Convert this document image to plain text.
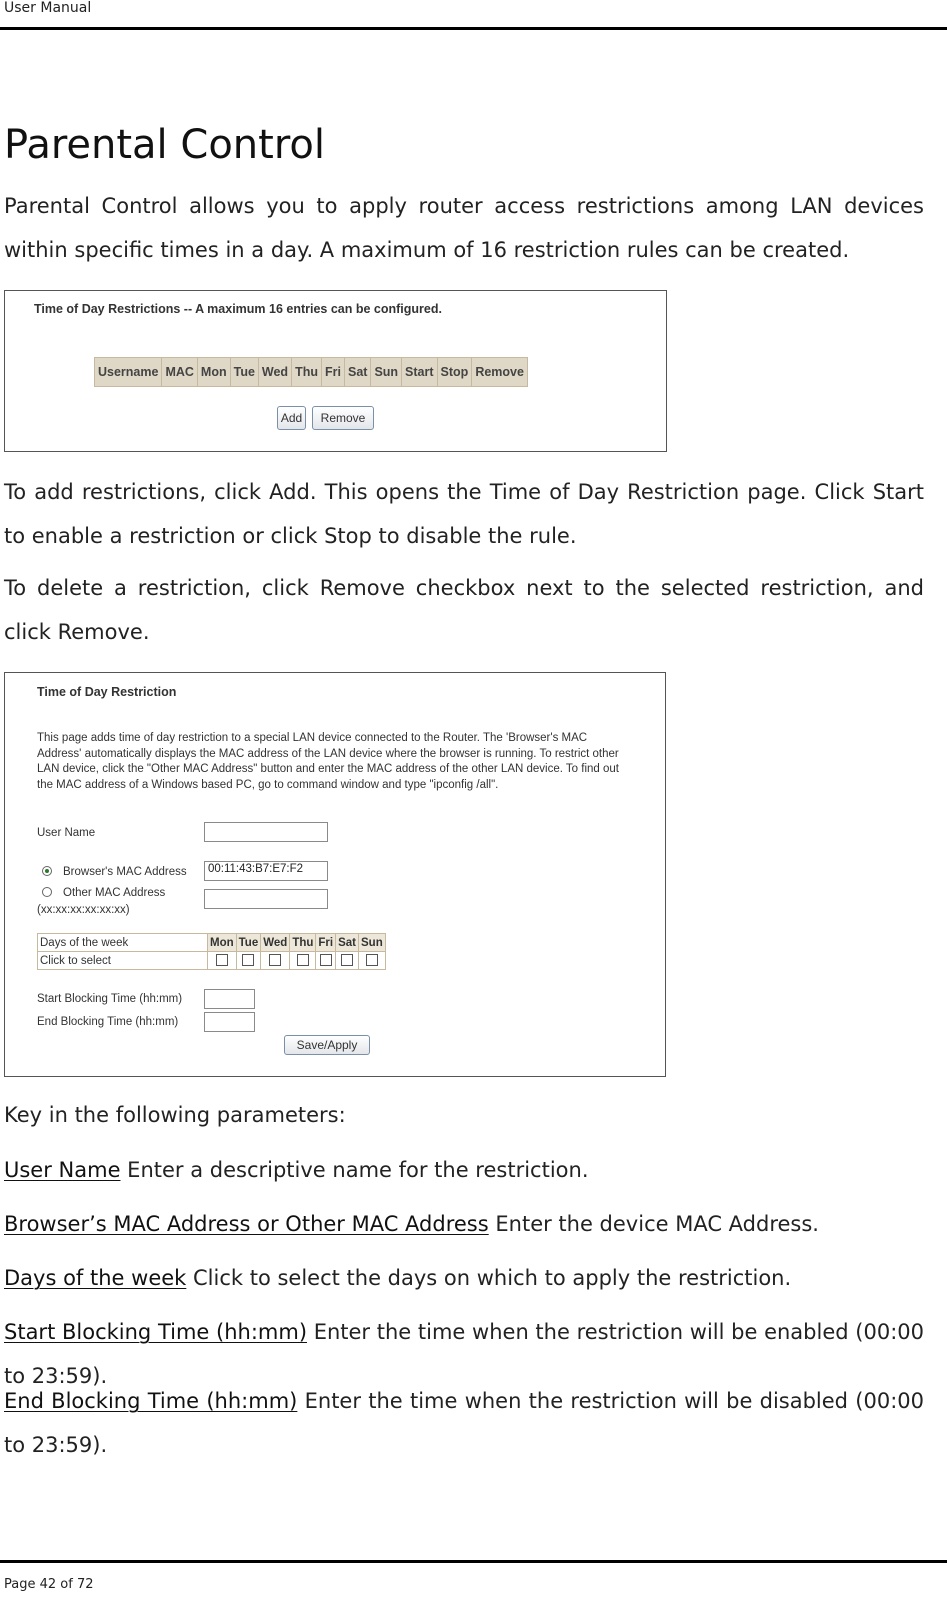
User Manual
Parental Control

Parental Control allows you to apply router access restrictions among LAN devices within specific times in a day. A maximum of 16 restriction rules can be created.

Time of Day Restrictions -- A maximum 16 entries can be configured.
Username	MAC	Mon	Tue	Wed	Thu	Fri	Sat	Sun	Start	Stop	Remove
Add	Remove

To add restrictions, click Add. This opens the Time of Day Restriction page. Click Start to enable a restriction or click Stop to disable the rule.

To delete a restriction, click Remove checkbox next to the selected restriction, and click Remove.

Time of Day Restriction
This page adds time of day restriction to a special LAN device connected to the Router. The 'Browser's MAC Address' automatically displays the MAC address of the LAN device where the browser is running. To restrict other LAN device, click the "Other MAC Address" button and enter the MAC address of the other LAN device. To find out the MAC address of a Windows based PC, go to command window and type "ipconfig /all".
User Name
Browser's MAC Address	00:11:43:B7:E7:F2
Other MAC Address
(xx:xx:xx:xx:xx:xx)
Days of the week	Mon	Tue	Wed	Thu	Fri	Sat	Sun
Click to select							
Start Blocking Time (hh:mm)
End Blocking Time (hh:mm)
Save/Apply

Key in the following parameters:

User Name Enter a descriptive name for the restriction.

Browser’s MAC Address or Other MAC Address Enter the device MAC Address.

Days of the week Click to select the days on which to apply the restriction.

Start Blocking Time (hh:mm) Enter the time when the restriction will be enabled (00:00 to 23:59).

End Blocking Time (hh:mm) Enter the time when the restriction will be disabled (00:00 to 23:59).

Page 42 of 72
